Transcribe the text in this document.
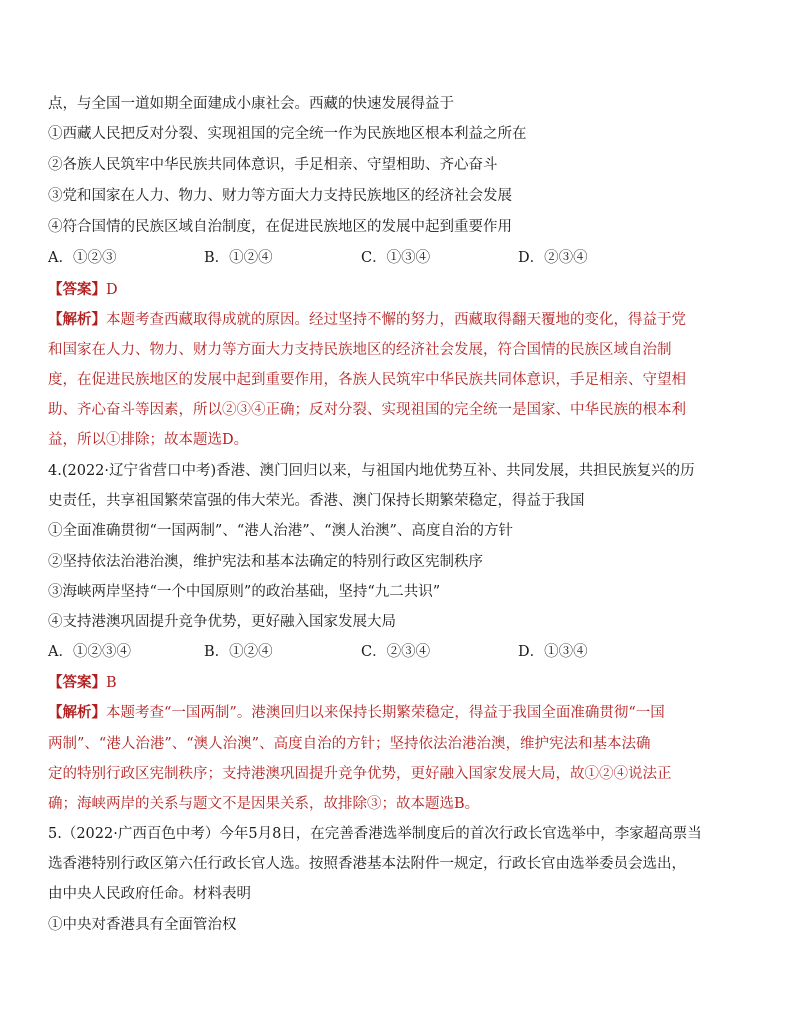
点，与全国一道如期全面建成小康社会。西藏的快速发展得益于
①西藏人民把反对分裂、实现祖国的完全统一作为民族地区根本利益之所在
②各族人民筑牢中华民族共同体意识，手足相亲、守望相助、齐心奋斗
③党和国家在人力、物力、财力等方面大力支持民族地区的经济社会发展
④符合国情的民族区域自治制度，在促进民族地区的发展中起到重要作用
A．①②③	B．①②④	C．①③④	D．②③④
【答案】D
【解析】本题考查西藏取得成就的原因。经过坚持不懈的努力，西藏取得翻天覆地的变化，得益于党
和国家在人力、物力、财力等方面大力支持民族地区的经济社会发展，符合国情的民族区域自治制
度，在促进民族地区的发展中起到重要作用，各族人民筑牢中华民族共同体意识，手足相亲、守望相
助、齐心奋斗等因素，所以②③④正确；反对分裂、实现祖国的完全统一是国家、中华民族的根本利
益，所以①排除；故本题选D。
4.(2022·辽宁省营口中考)香港、澳门回归以来，与祖国内地优势互补、共同发展，共担民族复兴的历
史责任，共享祖国繁荣富强的伟大荣光。香港、澳门保持长期繁荣稳定，得益于我国
①全面准确贯彻“一国两制”、“港人治港”、“澳人治澳”、高度自治的方针
②坚持依法治港治澳，维护宪法和基本法确定的特别行政区宪制秩序
③海峡两岸坚持“一个中国原则”的政治基础，坚持“九二共识”
④支持港澳巩固提升竞争优势，更好融入国家发展大局
A．①②③④	B．①②④	C．②③④	D．①③④
【答案】B
【解析】本题考查“一国两制”。港澳回归以来保持长期繁荣稳定，得益于我国全面准确贯彻“一国
两制”、“港人治港”、“澳人治澳”、高度自治的方针；坚持依法治港治澳，维护宪法和基本法确
定的特别行政区宪制秩序；支持港澳巩固提升竞争优势，更好融入国家发展大局，故①②④说法正
确；海峡两岸的关系与题文不是因果关系，故排除③；故本题选B。
5.（2022·广西百色中考）今年5月8日，在完善香港选举制度后的首次行政长官选举中，李家超高票当
选香港特别行政区第六任行政长官人选。按照香港基本法附件一规定，行政长官由选举委员会选出，
由中央人民政府任命。材料表明
①中央对香港具有全面管治权
